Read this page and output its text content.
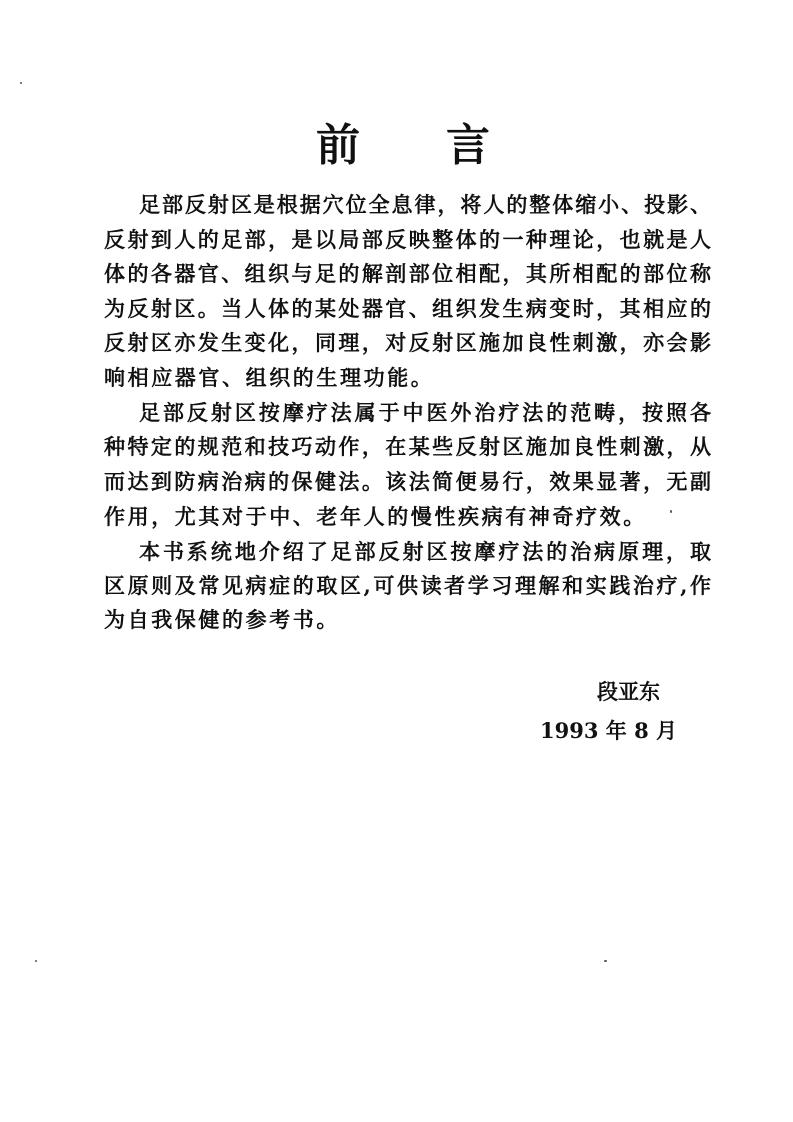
前 言
足部反射区是根据穴位全息律，将人的整体缩小、投影、
反射到人的足部，是以局部反映整体的一种理论，也就是人
体的各器官、组织与足的解剖部位相配，其所相配的部位称
为反射区。当人体的某处器官、组织发生病变时，其相应的
反射区亦发生变化，同理，对反射区施加良性刺激，亦会影
响相应器官、组织的生理功能。
足部反射区按摩疗法属于中医外治疗法的范畴，按照各
种特定的规范和技巧动作，在某些反射区施加良性刺激，从
而达到防病治病的保健法。该法简便易行，效果显著，无副
作用，尤其对于中、老年人的慢性疾病有神奇疗效。
本书系统地介绍了足部反射区按摩疗法的治病原理，取
区原则及常见病症的取区,可供读者学习理解和实践治疗,作
为自我保健的参考书。
段亚东
1993 年 8 月
